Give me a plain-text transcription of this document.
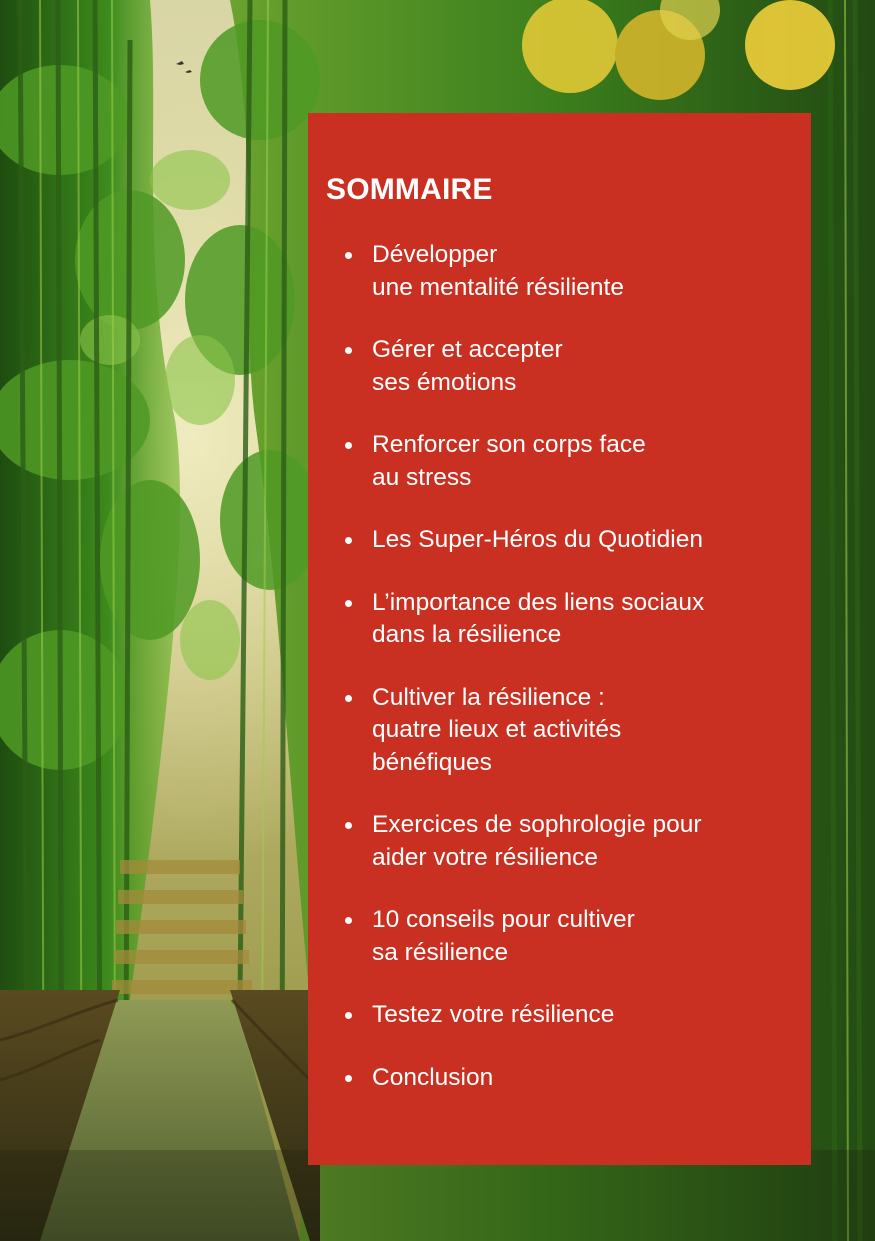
SOMMAIRE
Développer
une mentalité résiliente
Gérer et accepter
ses émotions
Renforcer son corps face
au stress
Les Super-Héros du Quotidien
L’importance des liens sociaux
dans la résilience
Cultiver la résilience :
quatre lieux et activités
bénéfiques
Exercices de sophrologie pour
aider votre résilience
10 conseils pour cultiver
sa résilience
Testez votre résilience
Conclusion
